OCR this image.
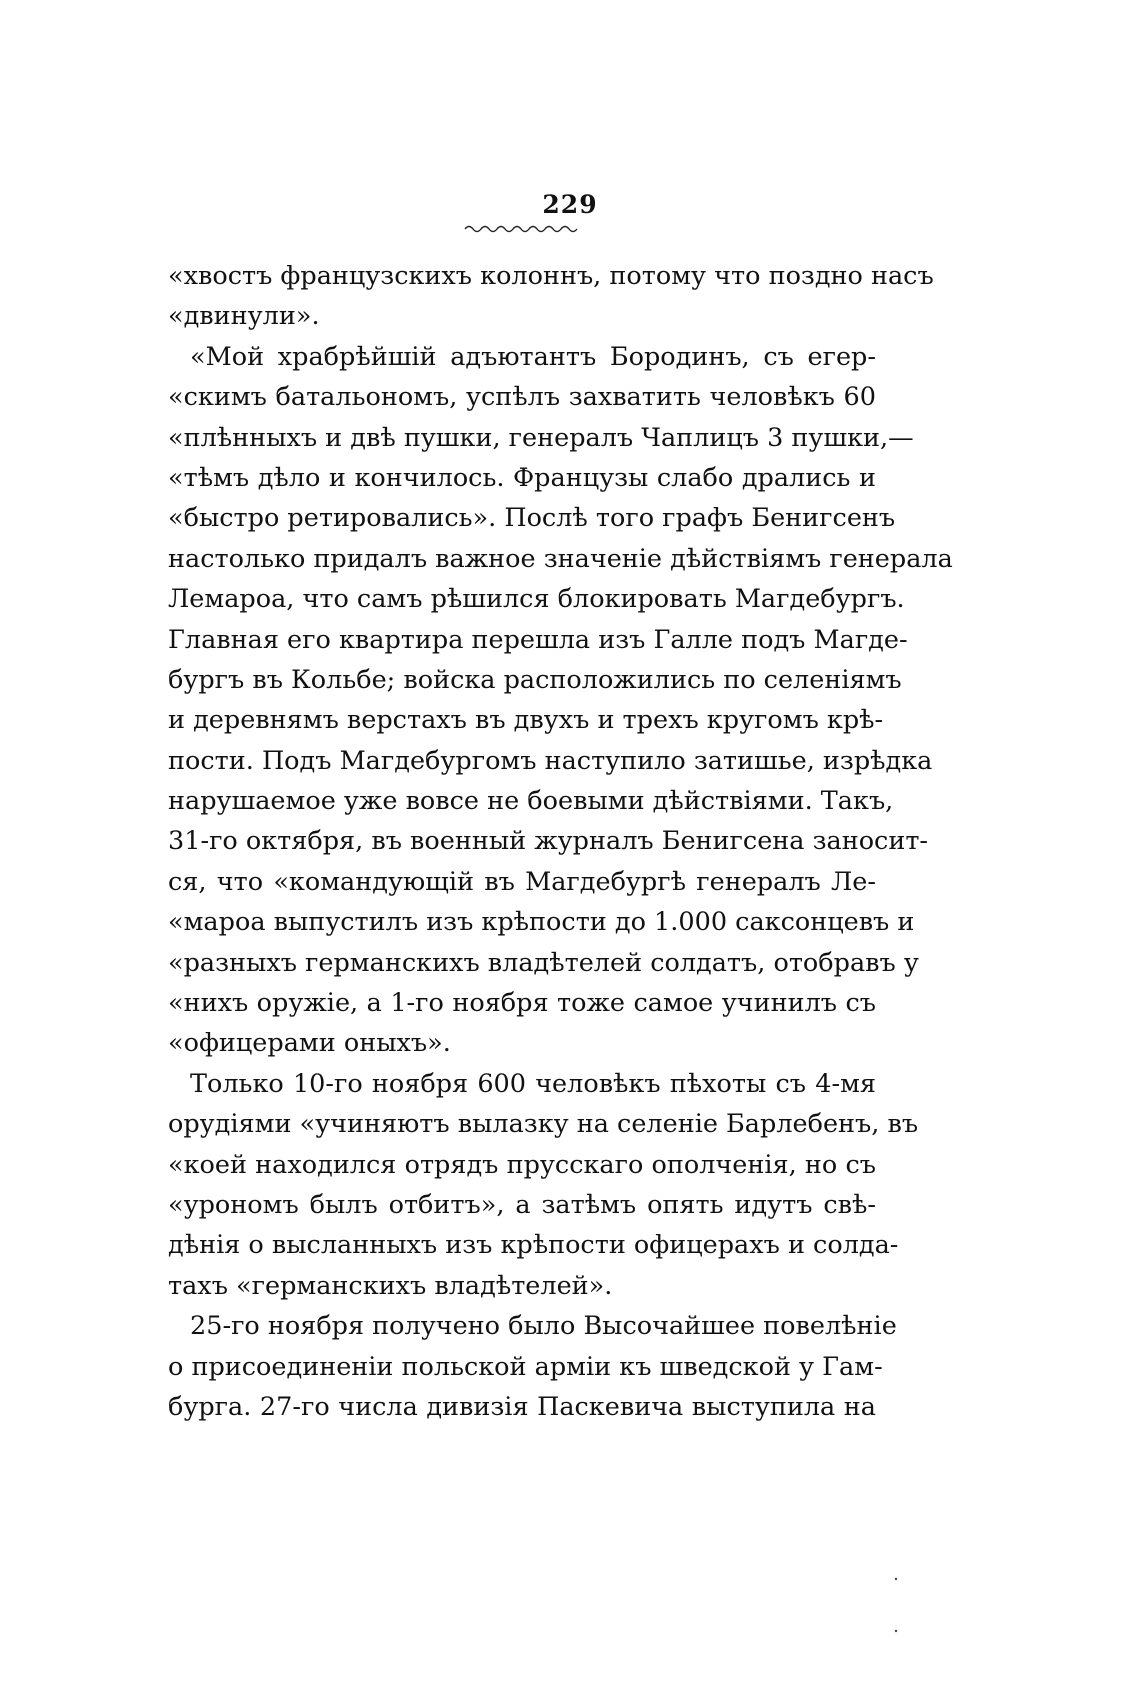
229
«хвостъ французскихъ колоннъ, потому что поздно насъ
«двинули».
«Мой храбрѣйшій адъютантъ Бородинъ, съ егер-
«скимъ батальономъ, успѣлъ захватить человѣкъ 60
«плѣнныхъ и двѣ пушки, генералъ Чаплицъ 3 пушки,—
«тѣмъ дѣло и кончилось. Французы слабо дрались и
«быстро ретировались». Послѣ того графъ Бенигсенъ
настолько придалъ важное значеніе дѣйствіямъ генерала
Лемароа, что самъ рѣшился блокировать Магдебургъ.
Главная его квартира перешла изъ Галле подъ Магде-
бургъ въ Кольбе; войска расположились по селеніямъ
и деревнямъ верстахъ въ двухъ и трехъ кругомъ крѣ-
пости. Подъ Магдебургомъ наступило затишье, изрѣдка
нарушаемое уже вовсе не боевыми дѣйствіями. Такъ,
31-го октября, въ военный журналъ Бенигсена заносит-
ся, что «командующій въ Магдебургѣ генералъ Ле-
«мароа выпустилъ изъ крѣпости до 1.000 саксонцевъ и
«разныхъ германскихъ владѣтелей солдатъ, отобравъ у
«нихъ оружіе, а 1-го ноября тоже самое учинилъ съ
«офицерами оныхъ».
Только 10-го ноября 600 человѣкъ пѣхоты съ 4-мя
орудіями «учиняютъ вылазку на селеніе Барлебенъ, въ
«коей находился отрядъ прусскаго ополченія, но съ
«урономъ былъ отбитъ», а затѣмъ опять идутъ свѣ-
дѣнія о высланныхъ изъ крѣпости офицерахъ и солда-
тахъ «германскихъ владѣтелей».
25-го ноября получено было Высочайшее повелѣніе
о присоединеніи польской арміи къ шведской у Гам-
бурга. 27-го числа дивизія Паскевича выступила на
